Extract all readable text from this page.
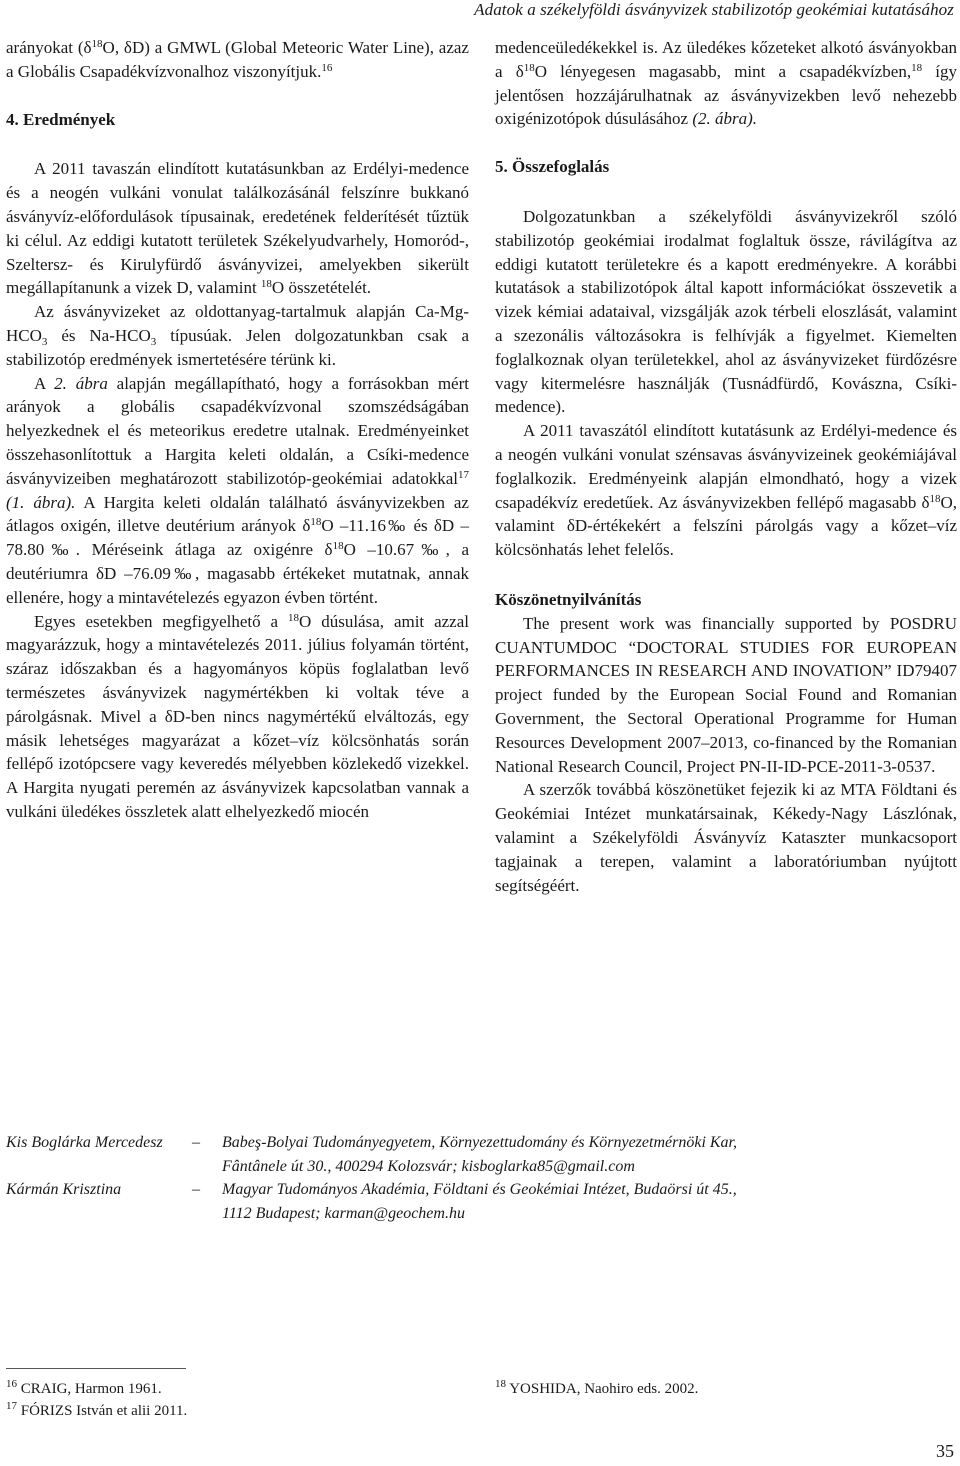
Adatok a székelyföldi ásványvizek stabilizotóp geokémiai kutatásához

arányokat ($\delta^{18}O$, δD) a GMWL (Global Meteoric Water Line), azaz a Globális Csapadékvízvonalhoz viszonyítjuk.$^{16}$

4. Eredmények

A 2011 tavaszán elindított kutatásunkban az Erdélyi-medence és a neogén vulkáni vonulat találkozásánál felszínre bukkanó ásványvíz-előfordulások típusainak, eredetének felderítését tűztük ki célul. Az eddigi kutatott területek Székelyudvarhely, Homoród-, Szeltersz- és Kirulyfürdő ásványvizei, amelyekben sikerült megállapítanunk a vizek D, valamint $^{18}$O összetételét.

Az ásványvizeket az oldottanyag-tartalmuk alapján $Ca-Mg-HCO_3$ és $Na-HCO_3$ típusúak. Jelen dolgozatunkban csak a stabilizotóp eredmények ismertetésére térünk ki.

A 2. ábra alapján megállapítható, hogy a forrásokban mért arányok a globális csapadékvízvonal szomszédságában helyezkednek el és meteorikus eredetre utalnak. Eredményeinket összehasonlítottuk a Hargita keleti oldalán, a Csíki-medence ásványvizeiben meghatározott stabilizotóp-geokémiai adatokkal$^{17}$ (1. ábra). A Hargita keleti oldalán található ásványvizekben az átlagos oxigén, illetve deutérium arányok $\delta^{18}O$ –11.16‰ és δD –78.80‰. Méréseink átlaga az oxigénre $\delta^{18}O$ –10.67‰, a deutériumra δD –76.09‰, magasabb értékeket mutatnak, annak ellenére, hogy a mintavételezés egyazon évben történt.

Egyes esetekben megfigyelhető a $^{18}$O dúsulása, amit azzal magyarázzuk, hogy a mintavételezés 2011. július folyamán történt, száraz időszakban és a hagyományos köpüs foglalatban levő természetes ásványvizek nagymértékben ki voltak téve a párolgásnak. Mivel a δD-ben nincs nagymértékű elváltozás, egy másik lehetséges magyarázat a kőzet–víz kölcsönhatás során fellépő izotópcsere vagy keveredés mélyebben közlekedő vizekkel. A Hargita nyugati peremén az ásványvizek kapcsolatban vannak a vulkáni üledékes összletek alatt elhelyezkedő miocén

medenceüledékekkel is. Az üledékes kőzeteket alkotó ásványokban a $\delta^{18}O$ lényegesen magasabb, mint a csapadékvízben,$^{18}$ így jelentősen hozzájárulhatnak az ásványvizekben levő nehezebb oxigénizotópok dúsulásához (2. ábra).

5. Összefoglalás

Dolgozatunkban a székelyföldi ásványvizekről szóló stabilizotóp geokémiai irodalmat foglaltuk össze, rávilágítva az eddigi kutatott területekre és a kapott eredményekre. A korábbi kutatások a stabilizotópok által kapott információkat összevetik a vizek kémiai adataival, vizsgálják azok térbeli eloszlását, valamint a szezonális változásokra is felhívják a figyelmet. Kiemelten foglalkoznak olyan területekkel, ahol az ásványvizeket fürdőzésre vagy kitermelésre használják (Tusnádfürdő, Kovászna, Csíki-medence).

A 2011 tavaszától elindított kutatásunk az Erdélyi-medence és a neogén vulkáni vonulat szénsavas ásványvizeinek geokémiájával foglalkozik. Eredményeink alapján elmondható, hogy a vizek csapadékvíz eredetűek. Az ásványvizekben fellépő magasabb $\delta^{18}O$, valamint δD-értékekért a felszíni párolgás vagy a kőzet–víz kölcsönhatás lehet felelős.

Köszönetnyilvánítás

The present work was financially supported by POSDRU CUANTUMDOC “DOCTORAL STUDIES FOR EUROPEAN PERFORMANCES IN RESEARCH AND INOVATION” ID79407 project funded by the European Social Found and Romanian Government, the Sectoral Operational Programme for Human Resources Development 2007–2013, co-financed by the Romanian National Research Council, Project PN-II-ID-PCE-2011-3-0537.

A szerzők továbbá köszönetüket fejezik ki az MTA Földtani és Geokémiai Intézet munkatársainak, Kékedy-Nagy Lászlónak, valamint a Székelyföldi Ásványvíz Kataszter munkacsoport tagjainak a terepen, valamint a laboratóriumban nyújtott segítségéért.

Kis Boglárka Mercedesz	–	Babeş-Bolyai Tudományegyetem, Környezettudomány és Környezetmérnöki Kar,
Fântânele út 30., 400294 Kolozsvár; kisboglarka85@gmail.com
Kármán Krisztina	–	Magyar Tudományos Akadémia, Földtani és Geokémiai Intézet, Budaörsi út 45.,
1112 Budapest; karman@geochem.hu
$^{16}$ CRAIG, Harmon 1961.
$^{17}$ FÓRIZS István et alii 2011.
$^{18}$ YOSHIDA, Naohiro eds. 2002.
35
